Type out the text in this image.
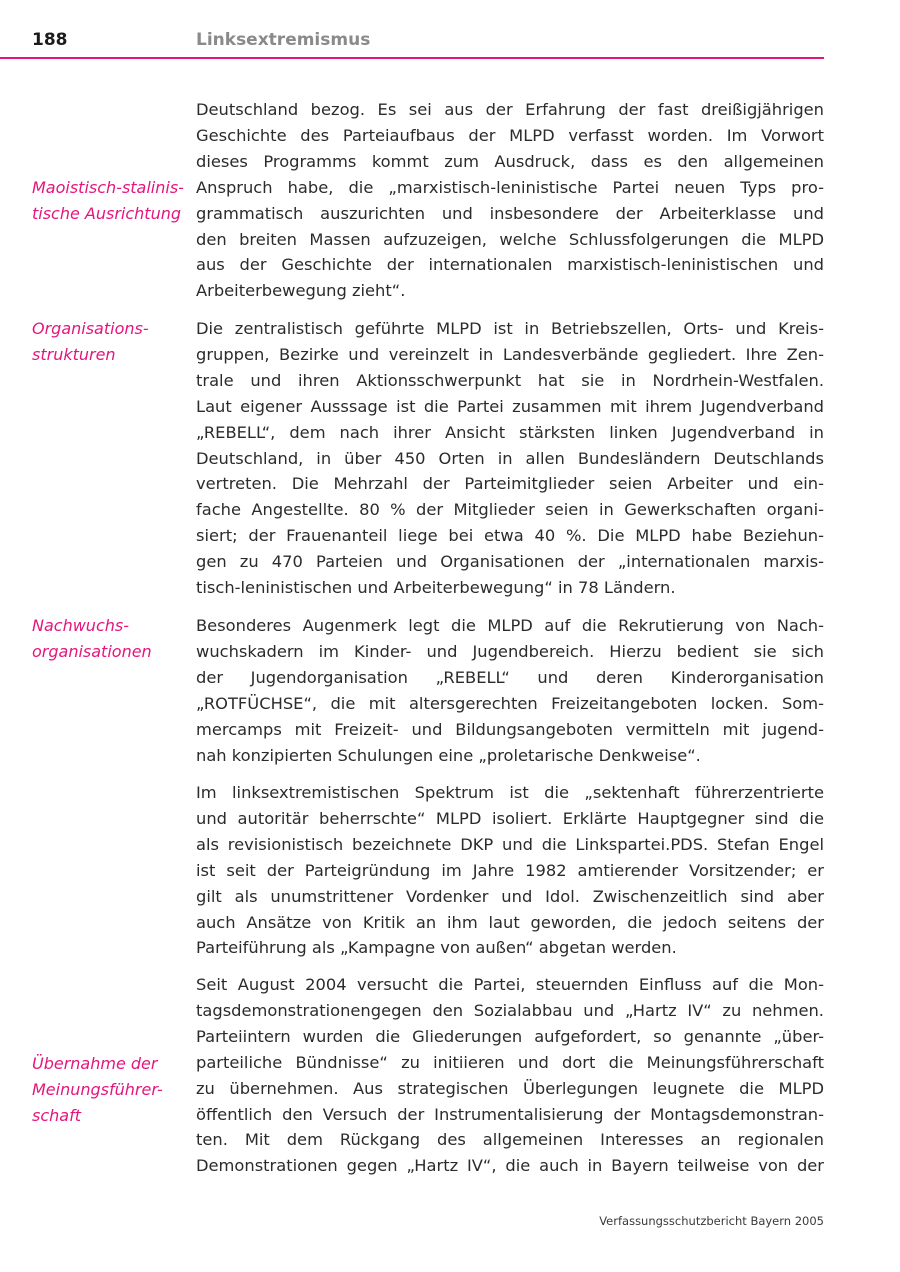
188	Linksextremismus
Maoistisch-stalinis-
tische Ausrichtung
Organisations-
strukturen
Nachwuchs-
organisationen
Übernahme der
Meinungsführer-
schaft
Deutschland bezog. Es sei aus der Erfahrung der fast dreißigjährigen
Geschichte des Parteiaufbaus der MLPD verfasst worden. Im Vorwort
dieses Programms kommt zum Ausdruck, dass es den allgemeinen
Anspruch habe, die „marxistisch-leninistische Partei neuen Typs pro-
grammatisch auszurichten und insbesondere der Arbeiterklasse und
den breiten Massen aufzuzeigen, welche Schlussfolgerungen die MLPD
aus der Geschichte der internationalen marxistisch-leninistischen und
Arbeiterbewegung zieht“.
Die zentralistisch geführte MLPD ist in Betriebszellen, Orts- und Kreis-
gruppen, Bezirke und vereinzelt in Landesverbände gegliedert. Ihre Zen-
trale und ihren Aktionsschwerpunkt hat sie in Nordrhein-Westfalen.
Laut eigener Ausssage ist die Partei zusammen mit ihrem Jugendverband
„REBELL“, dem nach ihrer Ansicht stärksten linken Jugendverband in
Deutschland, in über 450 Orten in allen Bundesländern Deutschlands
vertreten. Die Mehrzahl der Parteimitglieder seien Arbeiter und ein-
fache Angestellte. 80 % der Mitglieder seien in Gewerkschaften organi-
siert; der Frauenanteil liege bei etwa 40 %. Die MLPD habe Beziehun-
gen zu 470 Parteien und Organisationen der „internationalen marxis-
tisch-leninistischen und Arbeiterbewegung“ in 78 Ländern.
Besonderes Augenmerk legt die MLPD auf die Rekrutierung von Nach-
wuchskadern im Kinder- und Jugendbereich. Hierzu bedient sie sich
der Jugendorganisation „REBELL“ und deren Kinderorganisation
„ROTFÜCHSE“, die mit altersgerechten Freizeitangeboten locken. Som-
mercamps mit Freizeit- und Bildungsangeboten vermitteln mit jugend-
nah konzipierten Schulungen eine „proletarische Denkweise“.
Im linksextremistischen Spektrum ist die „sektenhaft führerzentrierte
und autoritär beherrschte“ MLPD isoliert. Erklärte Hauptgegner sind die
als revisionistisch bezeichnete DKP und die Linkspartei.PDS. Stefan Engel
ist seit der Parteigründung im Jahre 1982 amtierender Vorsitzender; er
gilt als unumstrittener Vordenker und Idol. Zwischenzeitlich sind aber
auch Ansätze von Kritik an ihm laut geworden, die jedoch seitens der
Parteiführung als „Kampagne von außen“ abgetan werden.
Seit August 2004 versucht die Partei, steuernden Einfluss auf die Mon-
tagsdemonstrationengegen den Sozialabbau und „Hartz IV“ zu nehmen.
Parteiintern wurden die Gliederungen aufgefordert, so genannte „über-
parteiliche Bündnisse“ zu initiieren und dort die Meinungsführerschaft
zu übernehmen. Aus strategischen Überlegungen leugnete die MLPD
öffentlich den Versuch der Instrumentalisierung der Montagsdemonstran-
ten. Mit dem Rückgang des allgemeinen Interesses an regionalen
Demonstrationen gegen „Hartz IV“, die auch in Bayern teilweise von der
Verfassungsschutzbericht Bayern 2005
